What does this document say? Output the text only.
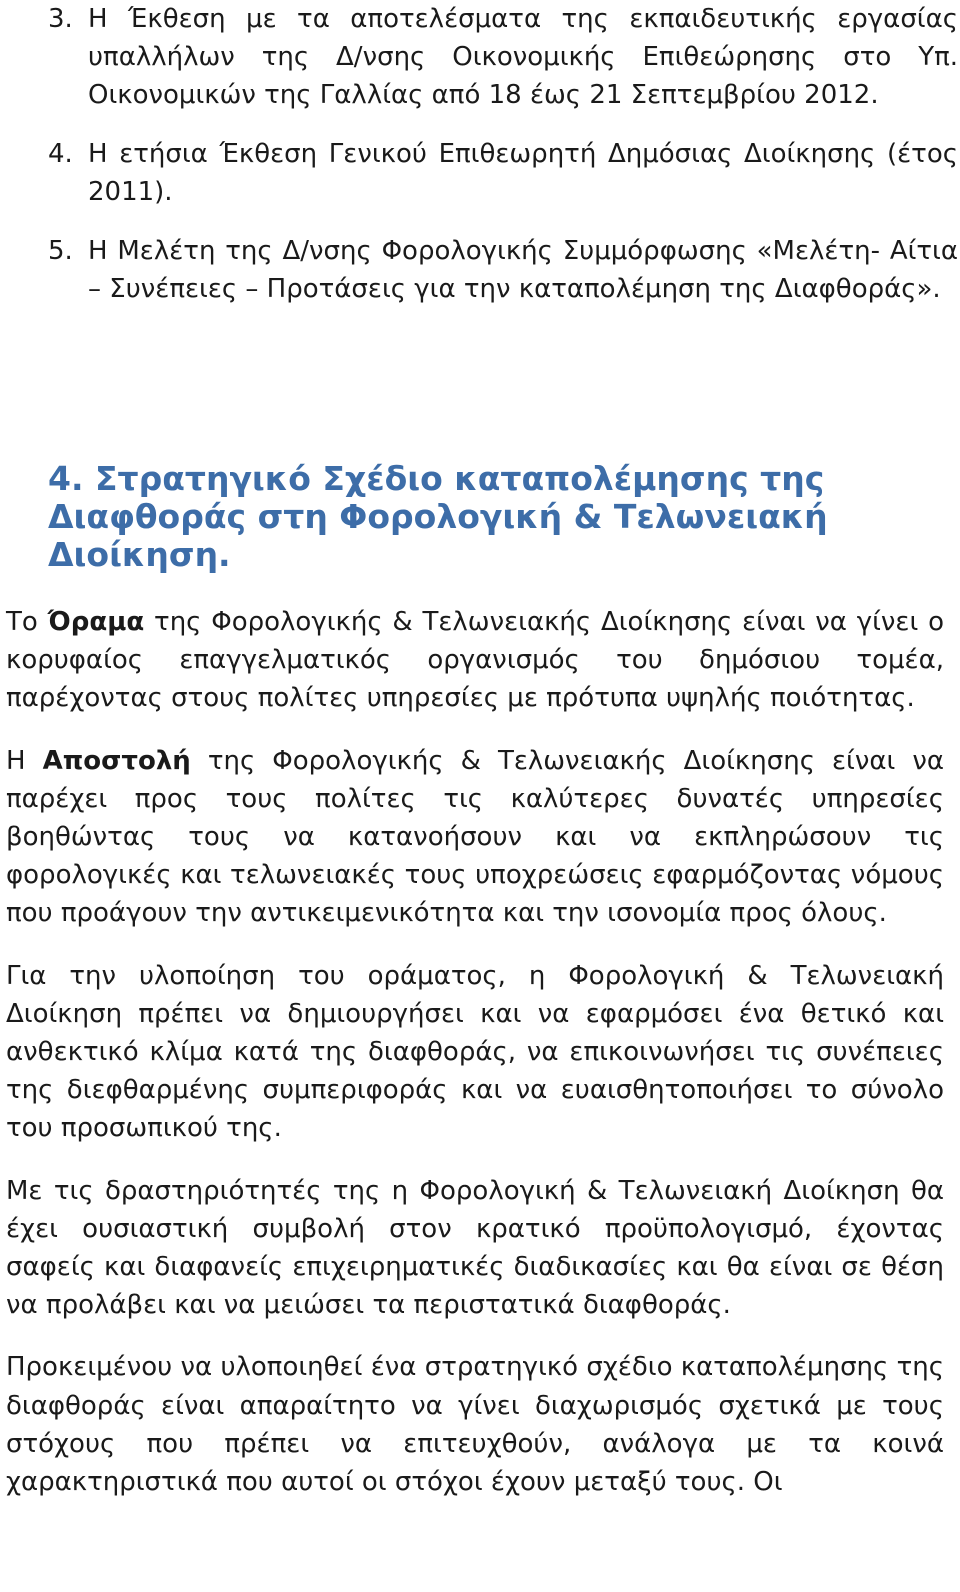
3. Η Έκθεση με τα αποτελέσματα της εκπαιδευτικής εργασίας υπαλλήλων της Δ/νσης Οικονομικής Επιθεώρησης στο Υπ. Οικονομικών της Γαλλίας από 18 έως 21 Σεπτεμβρίου 2012.
4. Η ετήσια Έκθεση Γενικού Επιθεωρητή Δημόσιας Διοίκησης (έτος 2011).
5. Η Μελέτη της Δ/νσης Φορολογικής Συμμόρφωσης «Μελέτη- Αίτια – Συνέπειες – Προτάσεις για την καταπολέμηση της Διαφθοράς».

Το Όραμα της Φορολογικής & Τελωνειακής Διοίκησης είναι να γίνει ο κορυφαίος επαγγελματικός οργανισμός του δημόσιου τομέα, παρέχοντας στους πολίτες υπηρεσίες με πρότυπα υψηλής ποιότητας.

Η Αποστολή της Φορολογικής & Τελωνειακής Διοίκησης είναι να παρέχει προς τους πολίτες τις καλύτερες δυνατές υπηρεσίες βοηθώντας τους να κατανοήσουν και να εκπληρώσουν τις φορολογικές και τελωνειακές τους υποχρεώσεις εφαρμόζοντας νόμους που προάγουν την αντικειμενικότητα και την ισονομία προς όλους.

Για την υλοποίηση του οράματος, η Φορολογική & Τελωνειακή Διοίκηση πρέπει να δημιουργήσει και να εφαρμόσει ένα θετικό και ανθεκτικό κλίμα κατά της διαφθοράς, να επικοινωνήσει τις συνέπειες της διεφθαρμένης συμπεριφοράς και να ευαισθητοποιήσει το σύνολο του προσωπικού της.

Με τις δραστηριότητές της η Φορολογική & Τελωνειακή Διοίκηση θα έχει ουσιαστική συμβολή στον κρατικό προϋπολογισμό, έχοντας σαφείς και διαφανείς επιχειρηματικές διαδικασίες και θα είναι σε θέση να προλάβει και να μειώσει τα περιστατικά διαφθοράς.

Προκειμένου να υλοποιηθεί ένα στρατηγικό σχέδιο καταπολέμησης της διαφθοράς είναι απαραίτητο να γίνει διαχωρισμός σχετικά με τους στόχους που πρέπει να επιτευχθούν, ανάλογα με τα κοινά χαρακτηριστικά που αυτοί οι στόχοι έχουν μεταξύ τους. Οι

4. Στρατηγικό Σχέδιο καταπολέμησης της
Διαφθοράς στη Φορολογική & Τελωνειακή
Διοίκηση.
